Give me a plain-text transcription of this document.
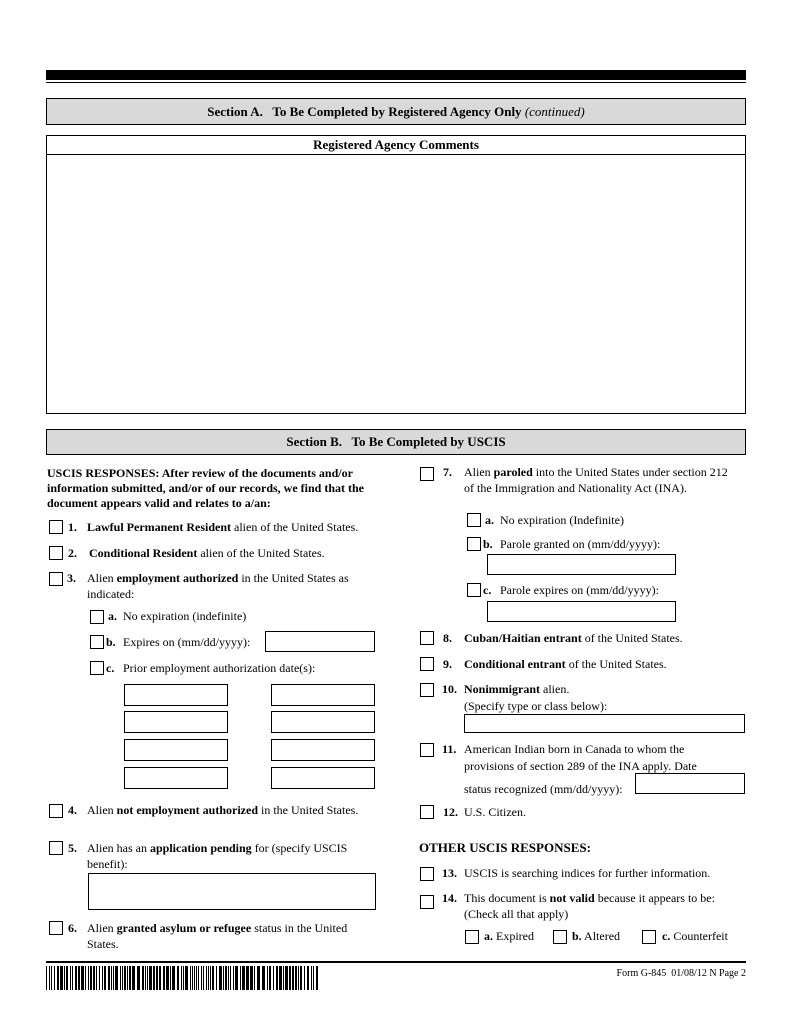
Section A.   To Be Completed by Registered Agency Only (continued)
Registered Agency Comments
Section B.   To Be Completed by USCIS
USCIS RESPONSES: After review of the documents and/or information submitted, and/or of our records, we find that the document appears valid and relates to a/an:
1. Lawful Permanent Resident alien of the United States.
2. Conditional Resident alien of the United States.
3. Alien employment authorized in the United States as indicated:
a. No expiration (indefinite)
b. Expires on (mm/dd/yyyy):
c. Prior employment authorization date(s):
4. Alien not employment authorized in the United States.
5. Alien has an application pending for (specify USCIS benefit):
6. Alien granted asylum or refugee status in the United States.
7. Alien paroled into the United States under section 212 of the Immigration and Nationality Act (INA).
a. No expiration (Indefinite)
b. Parole granted on (mm/dd/yyyy):
c. Parole expires on (mm/dd/yyyy):
8. Cuban/Haitian entrant of the United States.
9. Conditional entrant of the United States.
10. Nonimmigrant alien.
(Specify type or class below):
11. American Indian born in Canada to whom the
provisions of section 289 of the INA apply. Date
status recognized (mm/dd/yyyy):
12. U.S. Citizen.
OTHER USCIS RESPONSES:
13. USCIS is searching indices for further information.
14. This document is not valid because it appears to be:
(Check all that apply)
a. Expired	b. Altered	c. Counterfeit
Form G-845  01/08/12 N Page 2
